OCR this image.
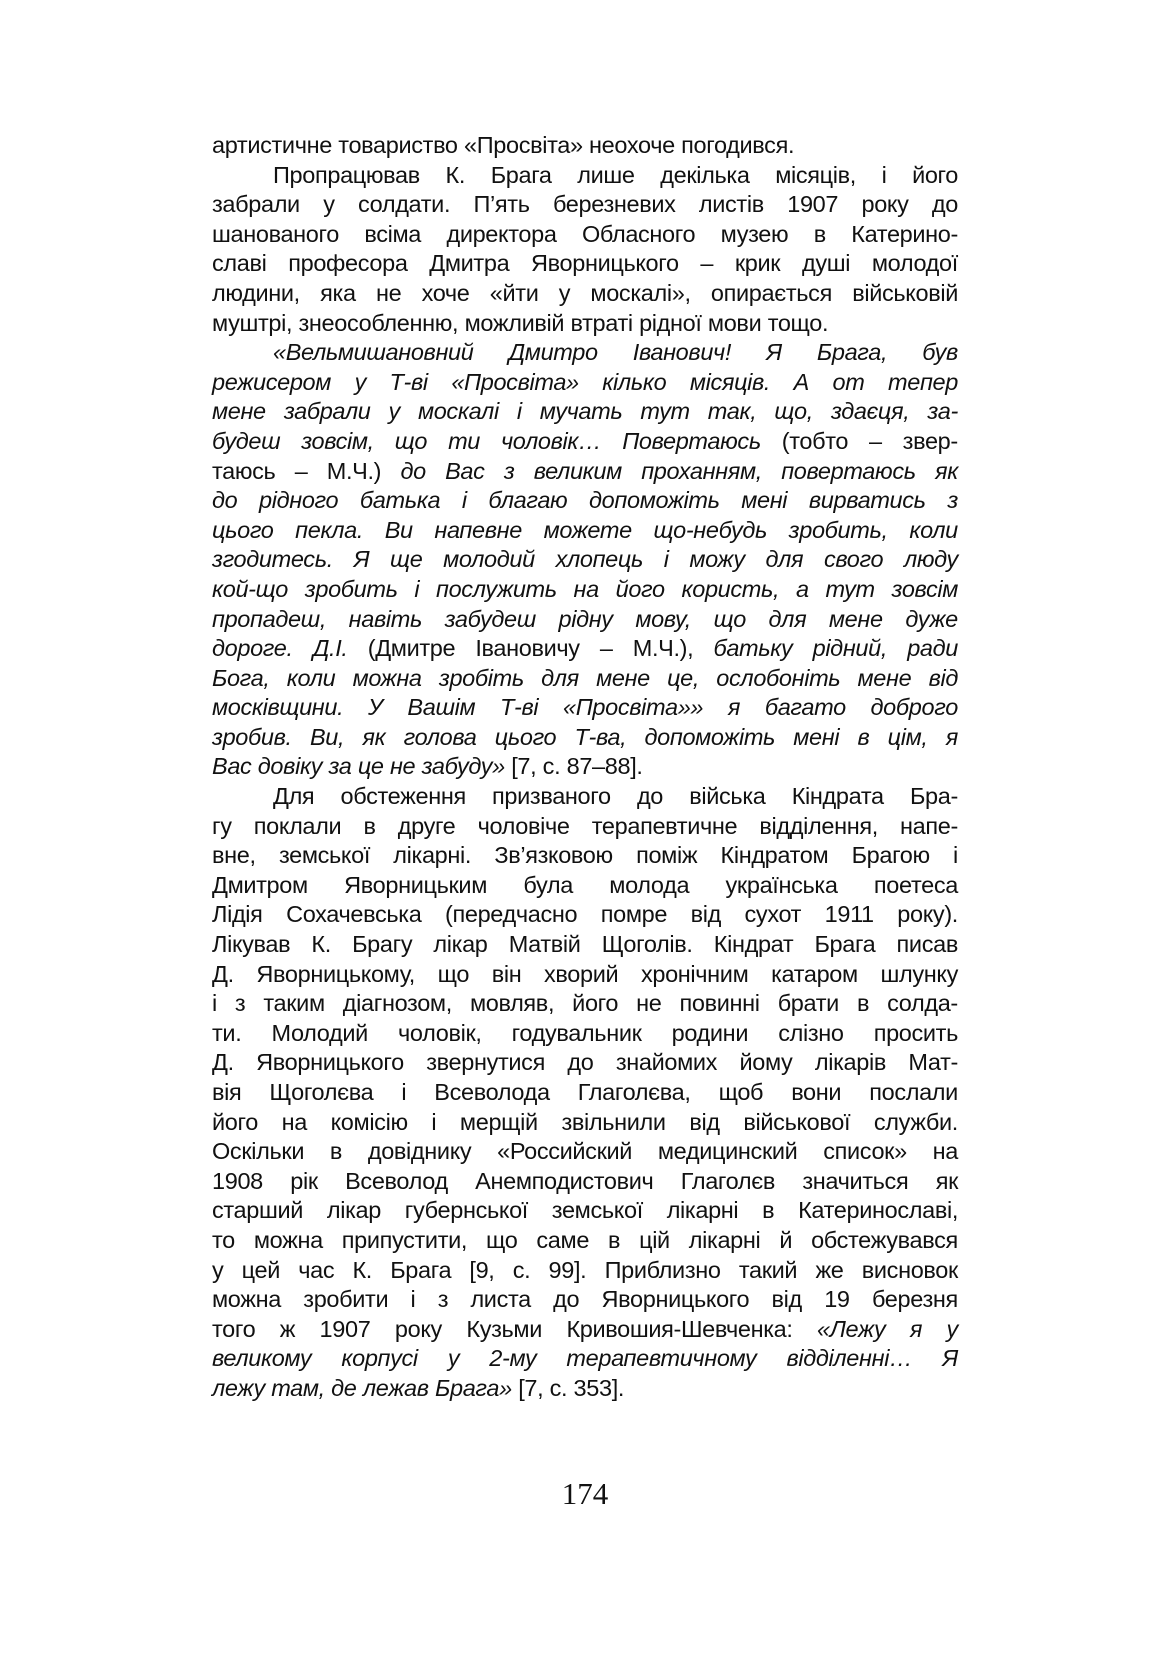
артистичне товариство «Просвіта» неохоче погодився.
Пропрацював К. Брага лише декілька місяців, і його
забрали у солдати. П’ять березневих листів 1907 року до
шанованого всіма директора Обласного музею в Катерино-
славі професора Дмитра Яворницького – крик душі молодої
людини, яка не хоче «йти у москалі», опирається військовій
муштрі, знеособленню, можливій втраті рідної мови тощо.
«Вельмишановний Дмитро Іванович! Я Брага, був
режисером у Т-ві «Просвіта» кілько місяців. А от тепер
мене забрали у москалі і мучать тут так, що, здаєця, за-
будеш зовсім, що ти чоловік… Повертаюсь (тобто – звер-
таюсь – М.Ч.) до Вас з великим проханням, повертаюсь як
до рідного батька і благаю допоможіть мені вирватись з
цього пекла. Ви напевне можете що-небудь зробить, коли
згодитесь. Я ще молодий хлопець і можу для свого люду
кой-що зробить і послужить на його користь, а тут зовсім
пропадеш, навіть забудеш рідну мову, що для мене дуже
дороге. Д.І. (Дмитре Івановичу – М.Ч.), батьку рідний, ради
Бога, коли можна зробіть для мене це, ослобоніть мене від
москівщини. У Вашім Т-ві «Просвіта»» я багато доброго
зробив. Ви, як голова цього Т-ва, допоможіть мені в цім, я
Вас довіку за це не забуду» [7, с. 87–88].
Для обстеження призваного до війська Кіндрата Бра-
гу поклали в друге чоловіче терапевтичне відділення, напе-
вне, земської лікарні. Зв’язковою поміж Кіндратом Брагою і
Дмитром Яворницьким була молода українська поетеса
Лідія Сохачевська (передчасно помре від сухот 1911 року).
Лікував К. Брагу лікар Матвій Щоголів. Кіндрат Брага писав
Д. Яворницькому, що він хворий хронічним катаром шлунку
і з таким діагнозом, мовляв, його не повинні брати в солда-
ти. Молодий чоловік, годувальник родини слізно просить
Д. Яворницького звернутися до знайомих йому лікарів Мат-
вія Щоголєва і Всеволода Глаголєва, щоб вони послали
його на комісію і мерщій звільнили від військової служби.
Оскільки в довіднику «Российский медицинский список» на
1908 рік Всеволод Анемподистович Глаголєв значиться як
старший лікар губернської земської лікарні в Катеринославі,
то можна припустити, що саме в цій лікарні й обстежувався
у цей час К. Брага [9, с. 99]. Приблизно такий же висновок
можна зробити і з листа до Яворницького від 19 березня
того ж 1907 року Кузьми Кривошия-Шевченка: «Лежу я у
великому корпусі у 2-му терапевтичному відділенні… Я
лежу там, де лежав Брага» [7, с. 353].
174
